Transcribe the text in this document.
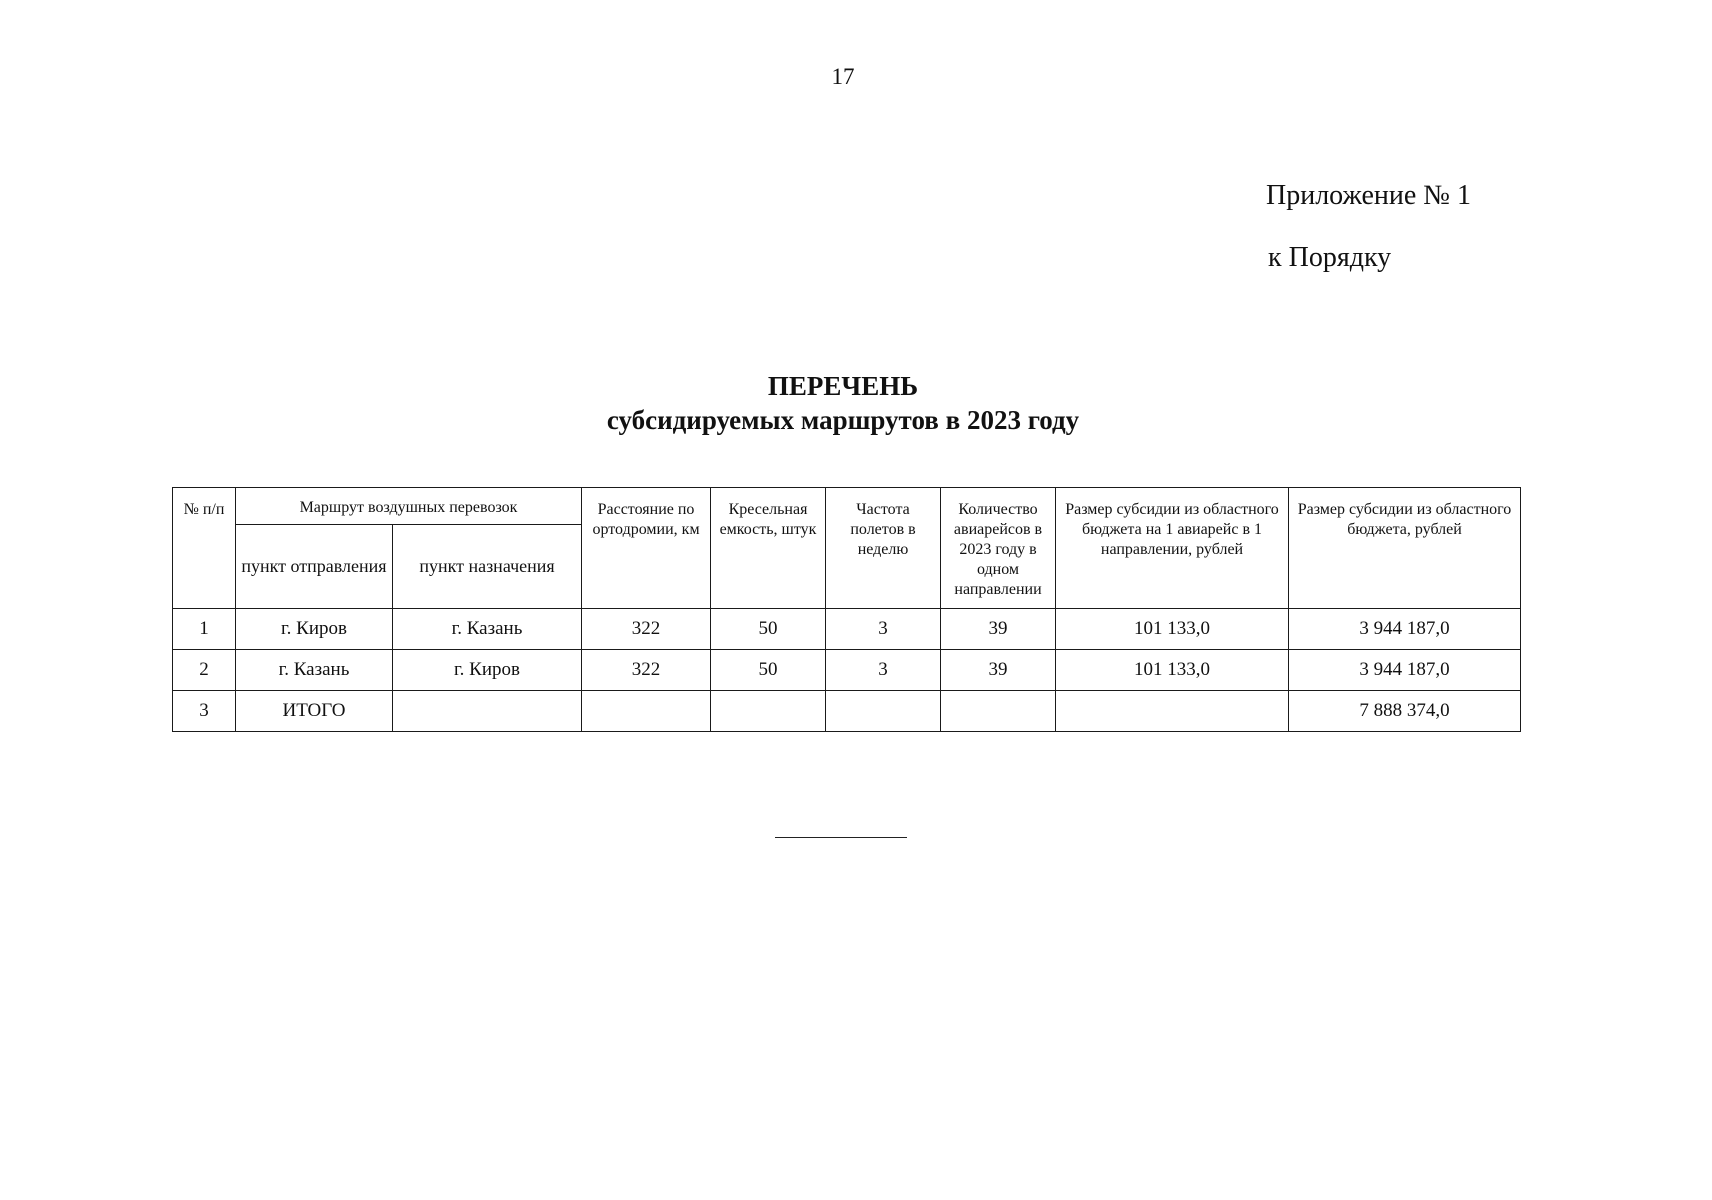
17
Приложение № 1
к Порядку
ПЕРЕЧЕНЬ
субсидируемых маршрутов в 2023 году
№ п/п	Маршрут воздушных перевозок		Расстояние по ортодромии, км	Кресельная емкость, штук	Частота полетов в неделю	Количество авиарейсов в 2023 году в одном направлении	Размер субсидии из областного бюджета на 1 авиарейс в 1 направлении, рублей	Размер субсидии из областного бюджета, рублей
	пункт отправления	пункт назначения						
1	г. Киров	г. Казань	322	50	3	39	101 133,0	3 944 187,0
2	г. Казань	г. Киров	322	50	3	39	101 133,0	3 944 187,0
3	ИТОГО							7 888 374,0
